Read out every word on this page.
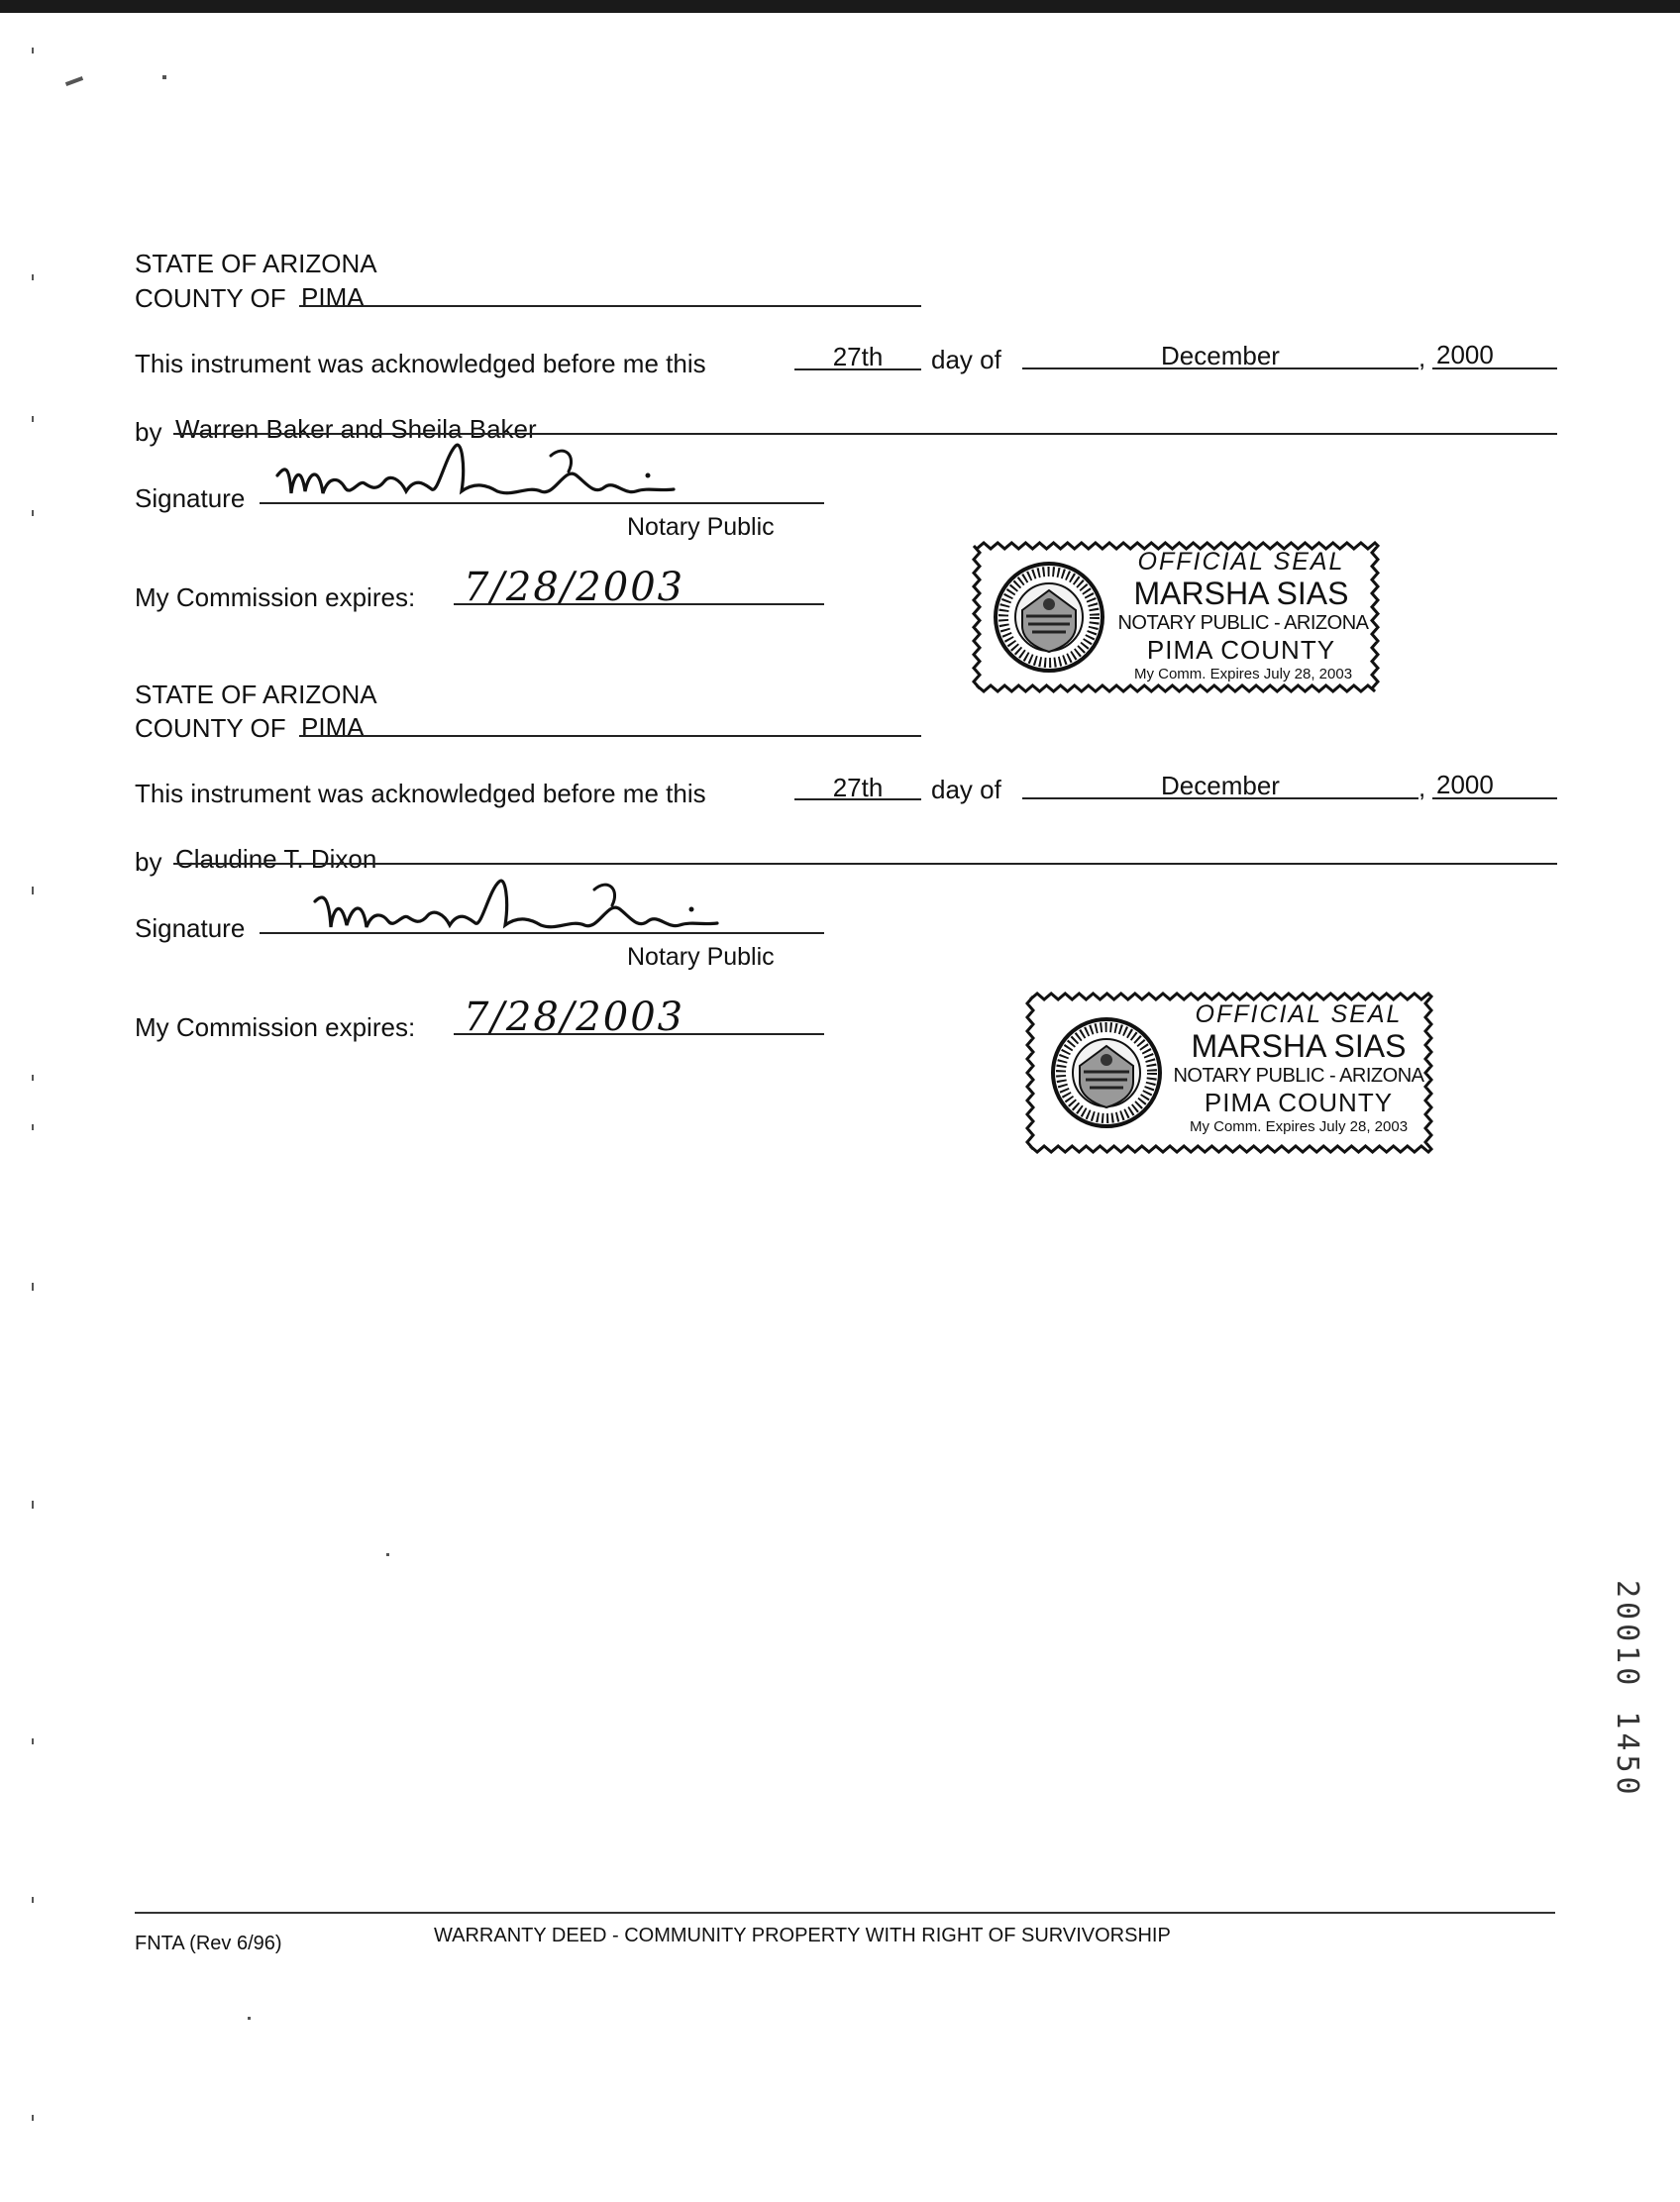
STATE OF ARIZONA
COUNTY OF PIMA
This instrument was acknowledged before me this	27th	day of	December	, 2000
by Warren Baker and Sheila Baker
Signature
Notary Public
My Commission expires: 7/28/2003
OFFICIAL SEAL
MARSHA SIAS
NOTARY PUBLIC - ARIZONA
PIMA COUNTY
My Comm. Expires July 28, 2003
STATE OF ARIZONA
COUNTY OF PIMA
This instrument was acknowledged before me this	27th	day of	December	, 2000
by Claudine T. Dixon
Signature
Notary Public
My Commission expires: 7/28/2003	OFFICIAL SEAL
MARSHA SIAS
NOTARY PUBLIC - ARIZONA
PIMA COUNTY
My Comm. Expires July 28, 2003
20010 1450
FNTA (Rev 6/96)	WARRANTY DEED - COMMUNITY PROPERTY WITH RIGHT OF SURVIVORSHIP
